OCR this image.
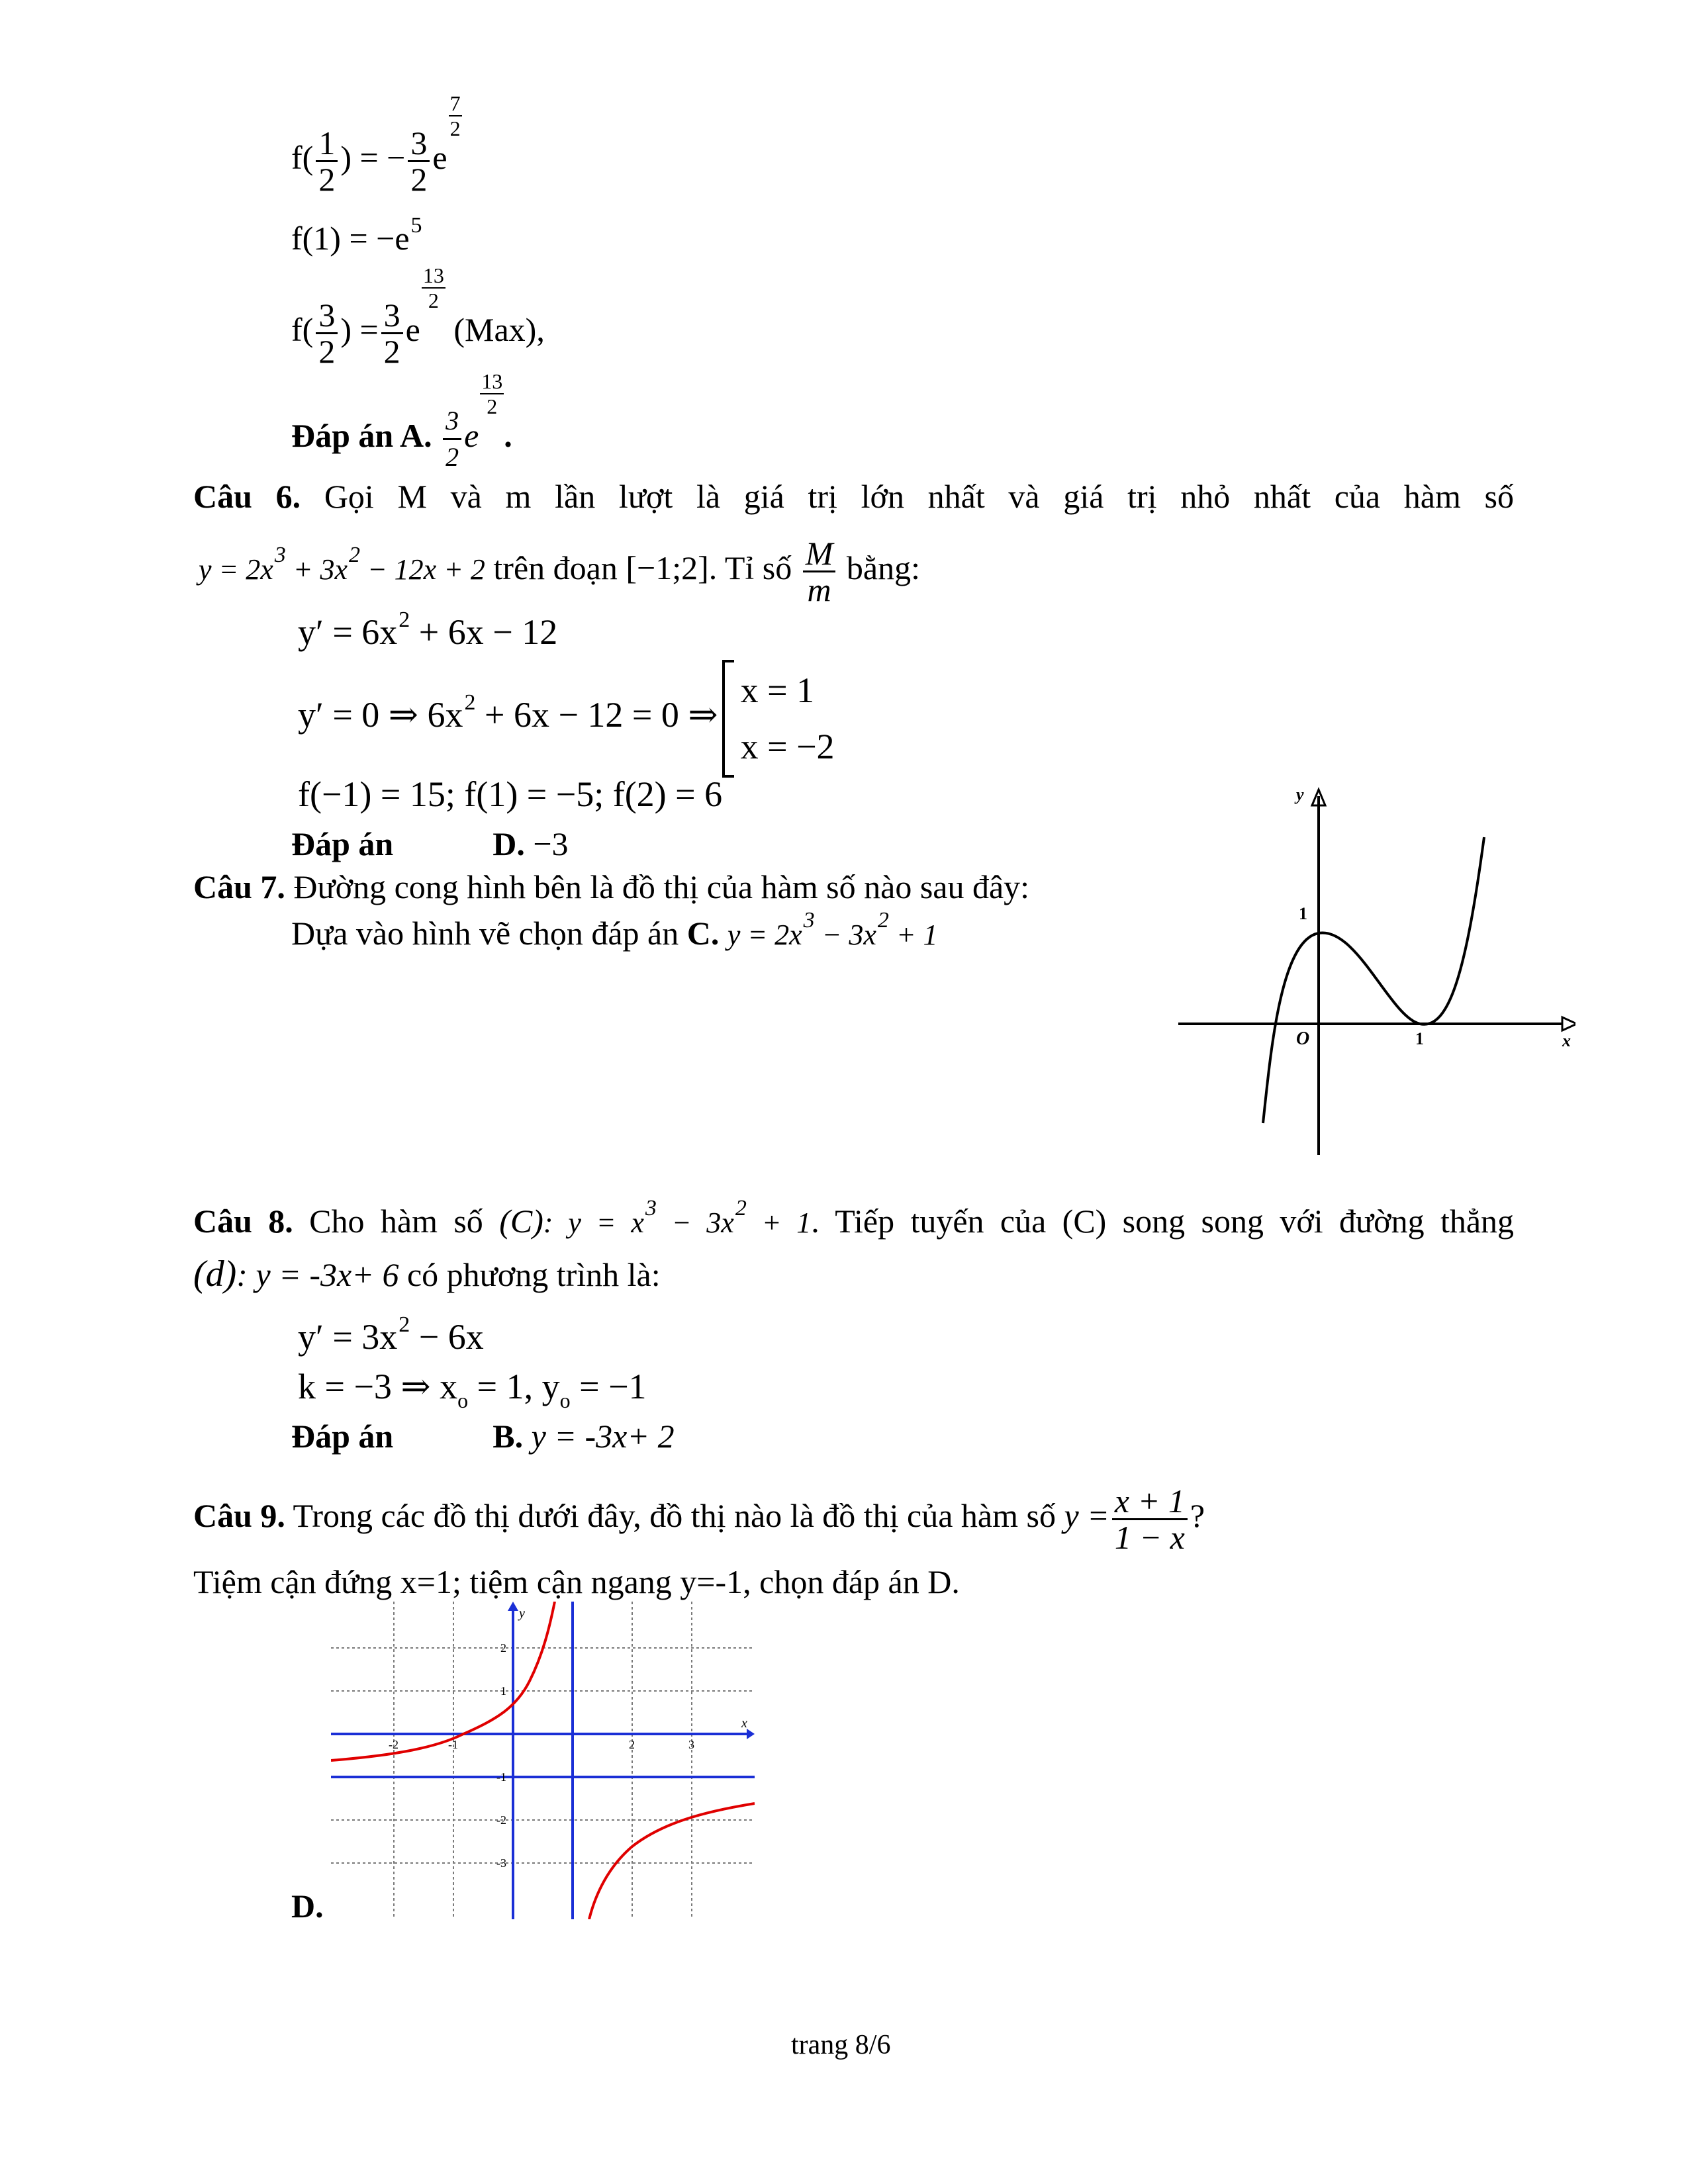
$f( \frac{1}{2}$ ) = − $\frac{3}{2}$ e
$\frac{7}{2}$
$f(1) = -e^5$
$f( \frac{3}{2}$ ) = $\frac{3}{2}$ e
$\frac{13}{2}$
(Max),
Đáp án A. $\frac{3}{2}$ e
$\frac{13}{2}$
.
Câu 6. Gọi M và m lần lượt là giá trị lớn nhất và giá trị nhỏ nhất của hàm số
$y = 2x^3 + 3x^2 - 12x + 2$ trên đoạn [−1;2]. Tỉ số $\frac{M}{m}$ bằng:
$y' = 6x^2 + 6x - 12$
y′ = 0 ⇒ $6x^2 + 6x - 12 = 0$ ⇒
x = 1
x = −2
f(−1) = 15; f(1) = −5; f(2) = 6
Đáp án	D. −3
Câu 7. Đường cong hình bên là đồ thị của hàm số nào sau đây:
Dựa vào hình vẽ chọn đáp án C. $y = 2x^3 - 3x^2 + 1$
y
x
O
1
1
Câu 8. Cho hàm số (C): $y = x^3 - 3x^2 + 1$. Tiếp tuyến của (C) song song với đường thẳng
(d): y = -3x+ 6 có phương trình là:
$y' = 3x^2 - 6x$
k = −3 ⇒ $x_o = 1$, $y_o = -1$
Đáp án	B. y = -3x+ 2
Câu 9. Trong các đồ thị dưới đây, đồ thị nào là đồ thị của hàm số $y = \frac{x + 1}{1 - x}$ ?
Tiệm cận đứng x=1; tiệm cận ngang y=-1, chọn đáp án D.
x
y
-2	-1	2	3
2
1
-1
-2
-3
D.
trang 8/6
